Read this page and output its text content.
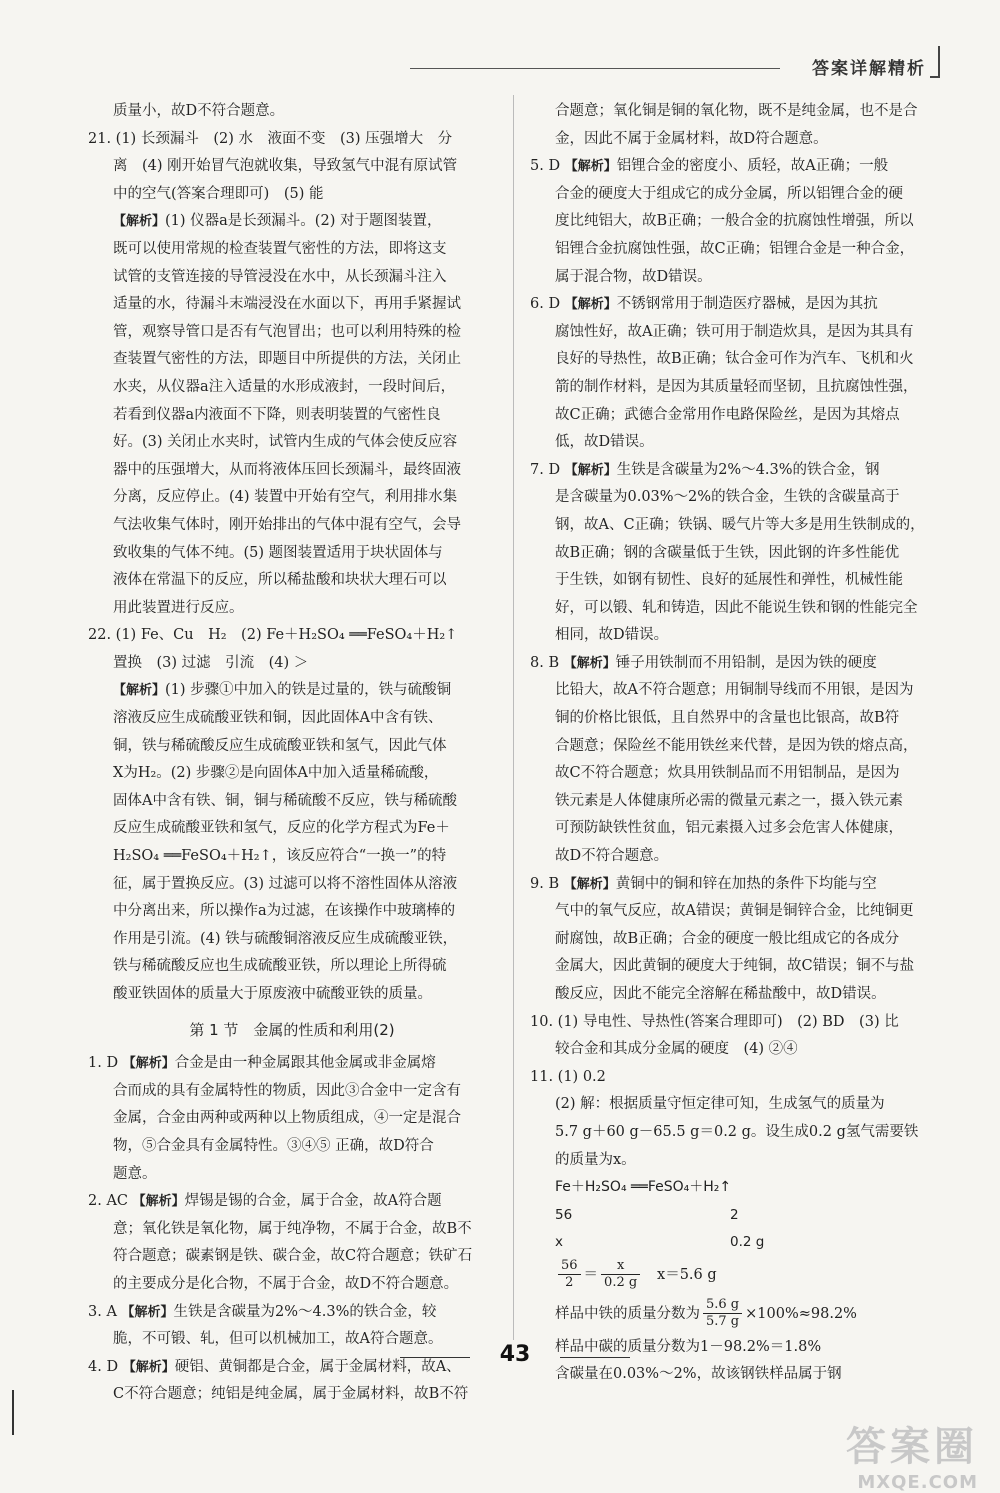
答案详解精析

质量小，故D不符合题意。

21. (1) 长颈漏斗　(2) 水　液面不变　(3) 压强增大　分

离　(4) 刚开始冒气泡就收集，导致氢气中混有原试管

中的空气(答案合理即可)　(5) 能

【解析】(1) 仪器a是长颈漏斗。(2) 对于题图装置，

既可以使用常规的检查装置气密性的方法，即将这支

试管的支管连接的导管浸没在水中，从长颈漏斗注入

适量的水，待漏斗末端浸没在水面以下，再用手紧握试

管，观察导管口是否有气泡冒出；也可以利用特殊的检

查装置气密性的方法，即题目中所提供的方法，关闭止

水夹，从仪器a注入适量的水形成液封，一段时间后，

若看到仪器a内液面不下降，则表明装置的气密性良

好。(3) 关闭止水夹时，试管内生成的气体会使反应容

器中的压强增大，从而将液体压回长颈漏斗，最终固液

分离，反应停止。(4) 装置中开始有空气，利用排水集

气法收集气体时，刚开始排出的气体中混有空气，会导

致收集的气体不纯。(5) 题图装置适用于块状固体与

液体在常温下的反应，所以稀盐酸和块状大理石可以

用此装置进行反应。

22. (1) Fe、Cu　H₂　(2) Fe＋H₂SO₄ ══FeSO₄＋H₂↑

置换　(3) 过滤　引流　(4) ＞

【解析】(1) 步骤①中加入的铁是过量的，铁与硫酸铜

溶液反应生成硫酸亚铁和铜，因此固体A中含有铁、

铜，铁与稀硫酸反应生成硫酸亚铁和氢气，因此气体

X为H₂。(2) 步骤②是向固体A中加入适量稀硫酸，

固体A中含有铁、铜，铜与稀硫酸不反应，铁与稀硫酸

反应生成硫酸亚铁和氢气，反应的化学方程式为Fe＋

H₂SO₄ ══FeSO₄＋H₂↑，该反应符合“一换一”的特

征，属于置换反应。(3) 过滤可以将不溶性固体从溶液

中分离出来，所以操作a为过滤，在该操作中玻璃棒的

作用是引流。(4) 铁与硫酸铜溶液反应生成硫酸亚铁，

铁与稀硫酸反应也生成硫酸亚铁，所以理论上所得硫

酸亚铁固体的质量大于原废液中硫酸亚铁的质量。

第 1 节　金属的性质和利用(2)

1. D 【解析】合金是由一种金属跟其他金属或非金属熔

合而成的具有金属特性的物质，因此③合金中一定含有

金属，合金由两种或两种以上物质组成，④一定是混合

物，⑤合金具有金属特性。③④⑤ 正确，故D符合

题意。

2. AC 【解析】焊锡是锡的合金，属于合金，故A符合题

意；氧化铁是氧化物，属于纯净物，不属于合金，故B不

符合题意；碳素钢是铁、碳合金，故C符合题意；铁矿石

的主要成分是化合物，不属于合金，故D不符合题意。

3. A 【解析】生铁是含碳量为2%～4.3%的铁合金，较

脆，不可锻、轧，但可以机械加工，故A符合题意。

4. D 【解析】硬铝、黄铜都是合金，属于金属材料，故A、

C不符合题意；纯铝是纯金属，属于金属材料，故B不符

合题意；氧化铜是铜的氧化物，既不是纯金属，也不是合

金，因此不属于金属材料，故D符合题意。

5. D 【解析】铝锂合金的密度小、质轻，故A正确；一般

合金的硬度大于组成它的成分金属，所以铝锂合金的硬

度比纯铝大，故B正确；一般合金的抗腐蚀性增强，所以

铝锂合金抗腐蚀性强，故C正确；铝锂合金是一种合金，

属于混合物，故D错误。

6. D 【解析】不锈钢常用于制造医疗器械，是因为其抗

腐蚀性好，故A正确；铁可用于制造炊具，是因为其具有

良好的导热性，故B正确；钛合金可作为汽车、飞机和火

箭的制作材料，是因为其质量轻而坚韧，且抗腐蚀性强，

故C正确；武德合金常用作电路保险丝，是因为其熔点

低，故D错误。

7. D 【解析】生铁是含碳量为2%～4.3%的铁合金，钢

是含碳量为0.03%～2%的铁合金，生铁的含碳量高于

钢，故A、C正确；铁锅、暖气片等大多是用生铁制成的，

故B正确；钢的含碳量低于生铁，因此钢的许多性能优

于生铁，如钢有韧性、良好的延展性和弹性，机械性能

好，可以锻、轧和铸造，因此不能说生铁和钢的性能完全

相同，故D错误。

8. B 【解析】锤子用铁制而不用铅制，是因为铁的硬度

比铅大，故A不符合题意；用铜制导线而不用银，是因为

铜的价格比银低，且自然界中的含量也比银高，故B符

合题意；保险丝不能用铁丝来代替，是因为铁的熔点高，

故C不符合题意；炊具用铁制品而不用铝制品，是因为

铁元素是人体健康所必需的微量元素之一，摄入铁元素

可预防缺铁性贫血，铝元素摄入过多会危害人体健康，

故D不符合题意。

9. B 【解析】黄铜中的铜和锌在加热的条件下均能与空

气中的氧气反应，故A错误；黄铜是铜锌合金，比纯铜更

耐腐蚀，故B正确；合金的硬度一般比组成它的各成分

金属大，因此黄铜的硬度大于纯铜，故C错误；铜不与盐

酸反应，因此不能完全溶解在稀盐酸中，故D错误。

10. (1) 导电性、导热性(答案合理即可)　(2) BD　(3) 比

较合金和其成分金属的硬度　(4) ②④

11. (1) 0.2

(2) 解：根据质量守恒定律可知，生成氢气的质量为

5.7 g＋60 g－65.5 g＝0.2 g。设生成0.2 g氢气需要铁

的质量为x。

Fe＋H₂SO₄ ══FeSO₄＋H₂↑

56	2
x	0.2 g

$\frac{56}{2} = \frac{x}{0.2 g} x=5.6$ g

样品中铁的质量分数为 $\frac{5.6 g}{5.7 g} \times 100\%\approx 98.2\%$

样品中碳的质量分数为1－98.2%＝1.8%

含碳量在0.03%～2%，故该钢铁样品属于钢

43
答案圈
MXQE.COM
